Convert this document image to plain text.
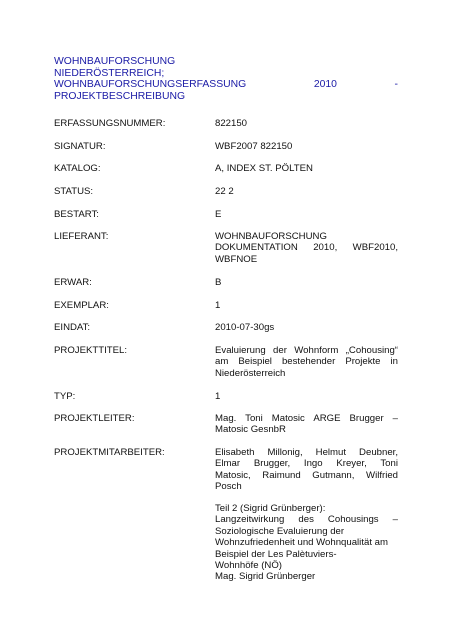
WOHNBAUFORSCHUNG
NIEDERÖSTERREICH;
WOHNBAUFORSCHUNGSERFASSUNG	2010	-
PROJEKTBESCHREIBUNG
ERFASSUNGSNUMMER:	822150
SIGNATUR:	WBF2007 822150
KATALOG:	A, INDEX ST. PÖLTEN
STATUS:	22 2
BESTART:	E
LIEFERANT:	WOHNBAUFORSCHUNG
DOKUMENTATION 2010, WBF2010,
WBFNOE
ERWAR:	B
EXEMPLAR:	1
EINDAT:	2010-07-30gs
PROJEKTTITEL:	Evaluierung der Wohnform „Cohousing“
am Beispiel bestehender Projekte in
Niederösterreich
TYP:	1
PROJEKTLEITER:	Mag. Toni Matosic ARGE Brugger –
Matosic GesnbR
PROJEKTMITARBEITER:	Elisabeth Millonig, Helmut Deubner,
Elmar Brugger, Ingo Kreyer, Toni
Matosic, Raimund Gutmann, Wilfried
Posch
Teil 2 (Sigrid Grünberger):
Langzeitwirkung des Cohousings –
Soziologische Evaluierung der
Wohnzufriedenheit und Wohnqualität am
Beispiel der Les Palètuviers-
Wohnhöfe (NÖ)
Mag. Sigrid Grünberger
